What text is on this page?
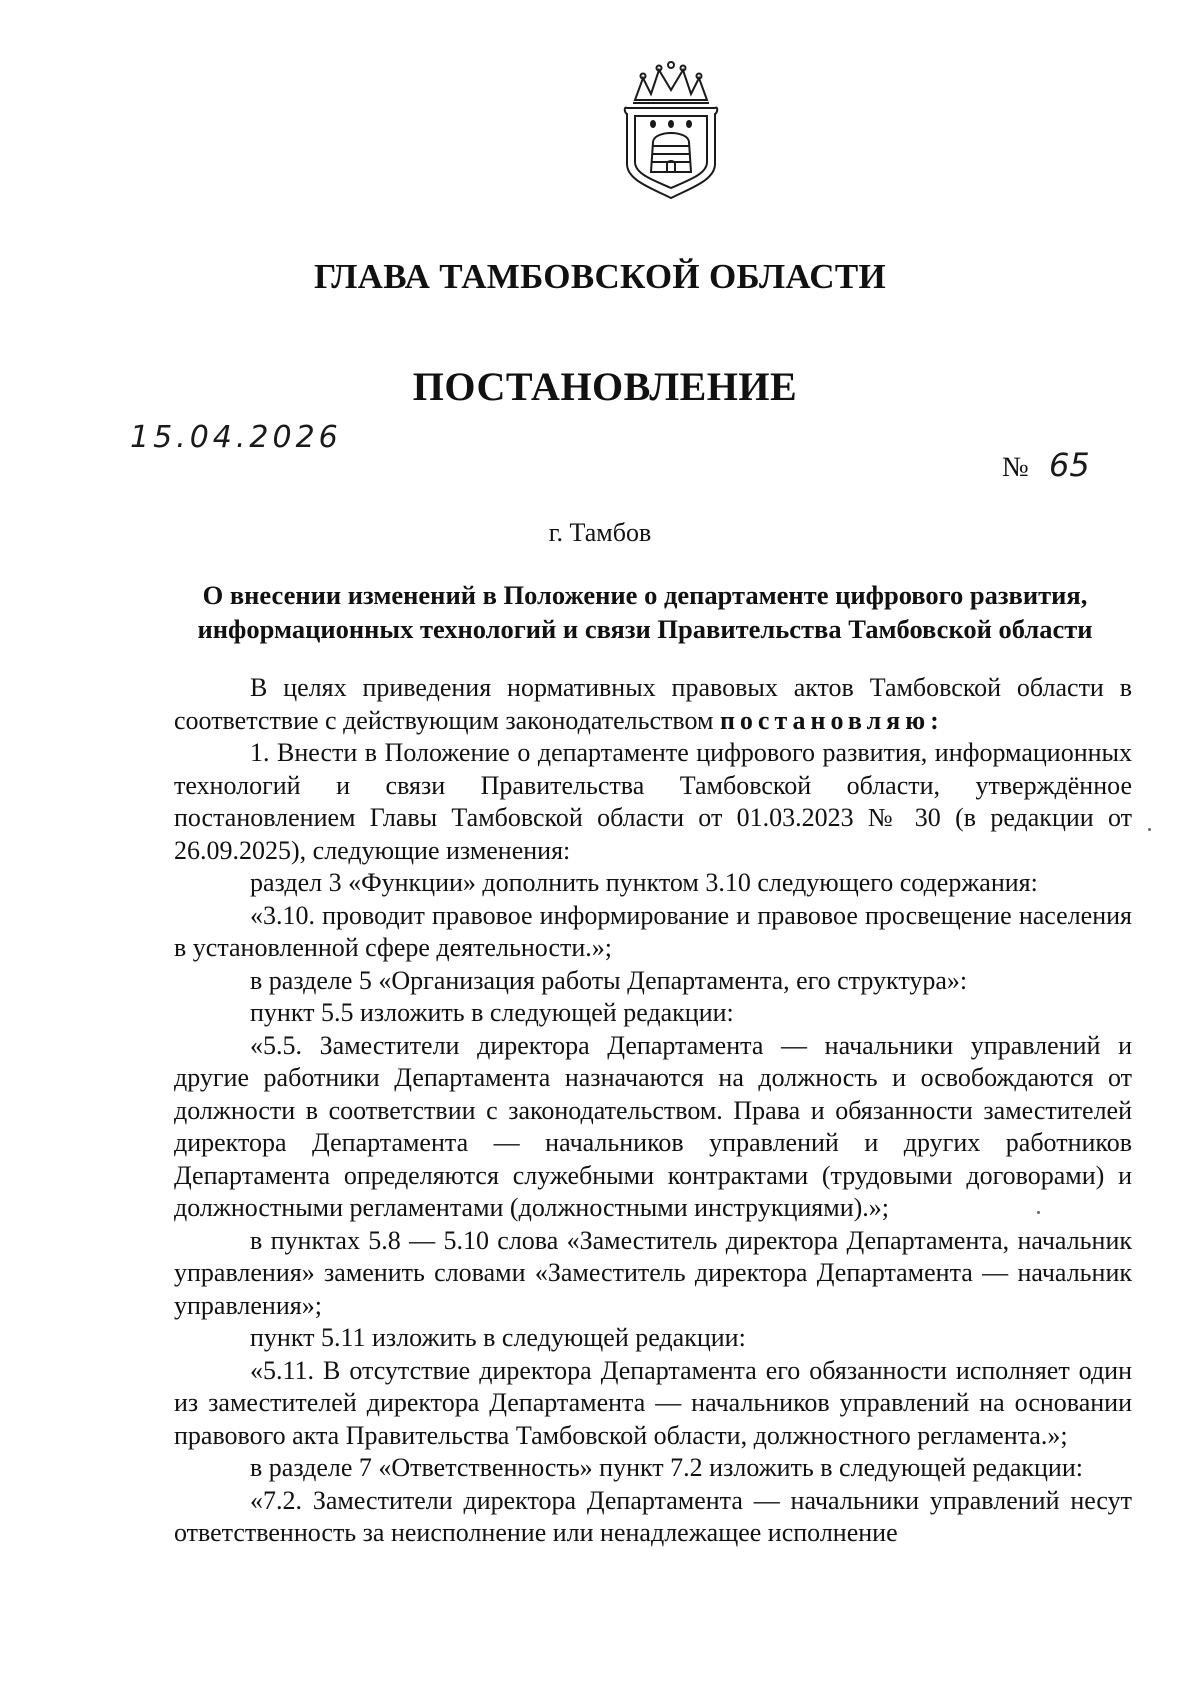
ГЛАВА ТАМБОВСКОЙ ОБЛАСТИ
ПОСТАНОВЛЕНИЕ
15.04.2026
№ 65
г. Тамбов
О внесении изменений в Положение о департаменте цифрового развития,
информационных технологий и связи Правительства Тамбовской области

В целях приведения нормативных правовых актов Тамбовской области в соответствие с действующим законодательством постановляю:

1. Внести в Положение о департаменте цифрового развития, информационных технологий и связи Правительства Тамбовской области, утверждённое постановлением Главы Тамбовской области от 01.03.2023 № 30 (в редакции от 26.09.2025), следующие изменения:

раздел 3 «Функции» дополнить пунктом 3.10 следующего содержания:

«3.10. проводит правовое информирование и правовое просвещение населения в установленной сфере деятельности.»;

в разделе 5 «Организация работы Департамента, его структура»:

пункт 5.5 изложить в следующей редакции:

«5.5. Заместители директора Департамента — начальники управлений и другие работники Департамента назначаются на должность и освобождаются от должности в соответствии с законодательством. Права и обязанности заместителей директора Департамента — начальников управлений и других работников Департамента определяются служебными контрактами (трудовыми договорами) и должностными регламентами (должностными инструкциями).»;

в пунктах 5.8 — 5.10 слова «Заместитель директора Департамента, начальник управления» заменить словами «Заместитель директора Департамента — начальник управления»;

пункт 5.11 изложить в следующей редакции:

«5.11. В отсутствие директора Департамента его обязанности исполняет один из заместителей директора Департамента — начальников управлений на основании правового акта Правительства Тамбовской области, должностного регламента.»;

в разделе 7 «Ответственность» пункт 7.2 изложить в следующей редакции:

«7.2. Заместители директора Департамента — начальники управлений несут ответственность за неисполнение или ненадлежащее исполнение
